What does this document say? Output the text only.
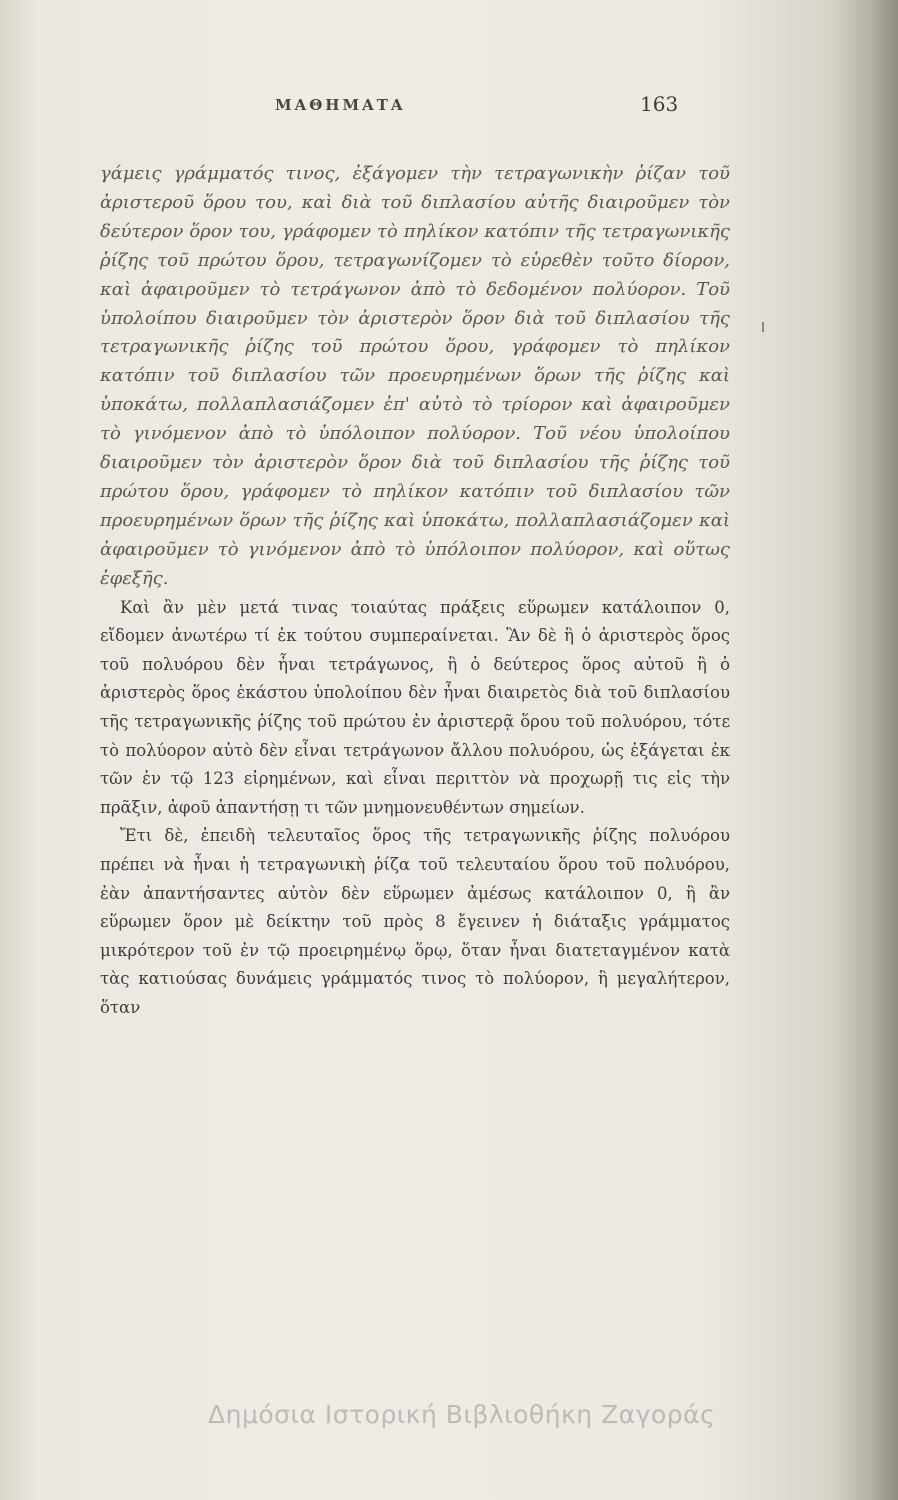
ΜΑΘΗΜΑΤΑ	163

γάμεις γράμματός τινος, ἐξάγομεν τὴν τετραγωνικὴν ῥίζαν τοῦ ἀριστεροῦ ὅρου του, καὶ διὰ τοῦ διπλασίου αὐτῆς διαιροῦμεν τὸν δεύτερον ὅρον του, γράφομεν τὸ πηλίκον κατόπιν τῆς τετραγωνικῆς ῥίζης τοῦ πρώτου ὅρου, τετραγωνίζομεν τὸ εὑρεθὲν τοῦτο δίορον, καὶ ἀφαιροῦμεν τὸ τετράγωνον ἀπὸ τὸ δεδομένον πολύορον. Τοῦ ὑπολοίπου διαιροῦμεν τὸν ἀριστερὸν ὅρον διὰ τοῦ διπλασίου τῆς τετραγωνικῆς ῥίζης τοῦ πρώτου ὅρου, γράφομεν τὸ πηλίκον κατόπιν τοῦ διπλασίου τῶν προευρημένων ὅρων τῆς ῥίζης καὶ ὑποκάτω, πολλαπλασιάζομεν ἐπ' αὐτὸ τὸ τρίορον καὶ ἀφαιροῦμεν τὸ γινόμενον ἀπὸ τὸ ὑπόλοιπον πολύορον. Τοῦ νέου ὑπολοίπου διαιροῦμεν τὸν ἀριστερὸν ὅρον διὰ τοῦ διπλασίου τῆς ῥίζης τοῦ πρώτου ὅρου, γράφομεν τὸ πηλίκον κατόπιν τοῦ διπλασίου τῶν προευρημένων ὅρων τῆς ῥίζης καὶ ὑποκάτω, πολλαπλασιάζομεν καὶ ἀφαιροῦμεν τὸ γινόμενον ἀπὸ τὸ ὑπόλοιπον πολύορον, καὶ οὕτως ἐφεξῆς.

Καὶ ἂν μὲν μετά τινας τοιαύτας πράξεις εὕρωμεν κατάλοιπον 0, εἴδομεν ἀνωτέρω τί ἐκ τούτου συμπεραίνεται. Ἂν δὲ ἢ ὁ ἀριστερὸς ὅρος τοῦ πολυόρου δὲν ἦναι τετράγωνος, ἢ ὁ δεύτερος ὅρος αὐτοῦ ἢ ὁ ἀριστερὸς ὅρος ἑκάστου ὑπολοίπου δὲν ἦναι διαιρετὸς διὰ τοῦ διπλασίου τῆς τετραγωνικῆς ῥίζης τοῦ πρώτου ἐν ἀριστερᾷ ὅρου τοῦ πολυόρου, τότε τὸ πολύορον αὐτὸ δὲν εἶναι τετράγωνον ἄλλου πολυόρου, ὡς ἐξάγεται ἐκ τῶν ἐν τῷ 123 εἰρημένων, καὶ εἶναι περιττὸν νὰ προχωρῇ τις εἰς τὴν πρᾶξιν, ἀφοῦ ἀπαντήσῃ τι τῶν μνημονευθέντων σημείων.

Ἔτι δὲ, ἐπειδὴ τελευταῖος ὅρος τῆς τετραγωνικῆς ῥίζης πολυόρου πρέπει νὰ ἦναι ἡ τετραγωνικὴ ῥίζα τοῦ τελευταίου ὅρου τοῦ πολυόρου, ἐὰν ἀπαντήσαντες αὐτὸν δὲν εὕρωμεν ἀμέσως κατάλοιπον 0, ἢ ἂν εὕρωμεν ὅρον μὲ δείκτην τοῦ πρὸς 8 ἔγεινεν ἡ διάταξις γράμματος μικρότερον τοῦ ἐν τῷ προειρημένῳ ὅρῳ, ὅταν ἦναι διατεταγμένον κατὰ τὰς κατιούσας δυνάμεις γράμματός τινος τὸ πολύορον, ἢ μεγαλήτερον, ὅταν

Δημόσια Ιστορική Βιβλιοθήκη Ζαγοράς
